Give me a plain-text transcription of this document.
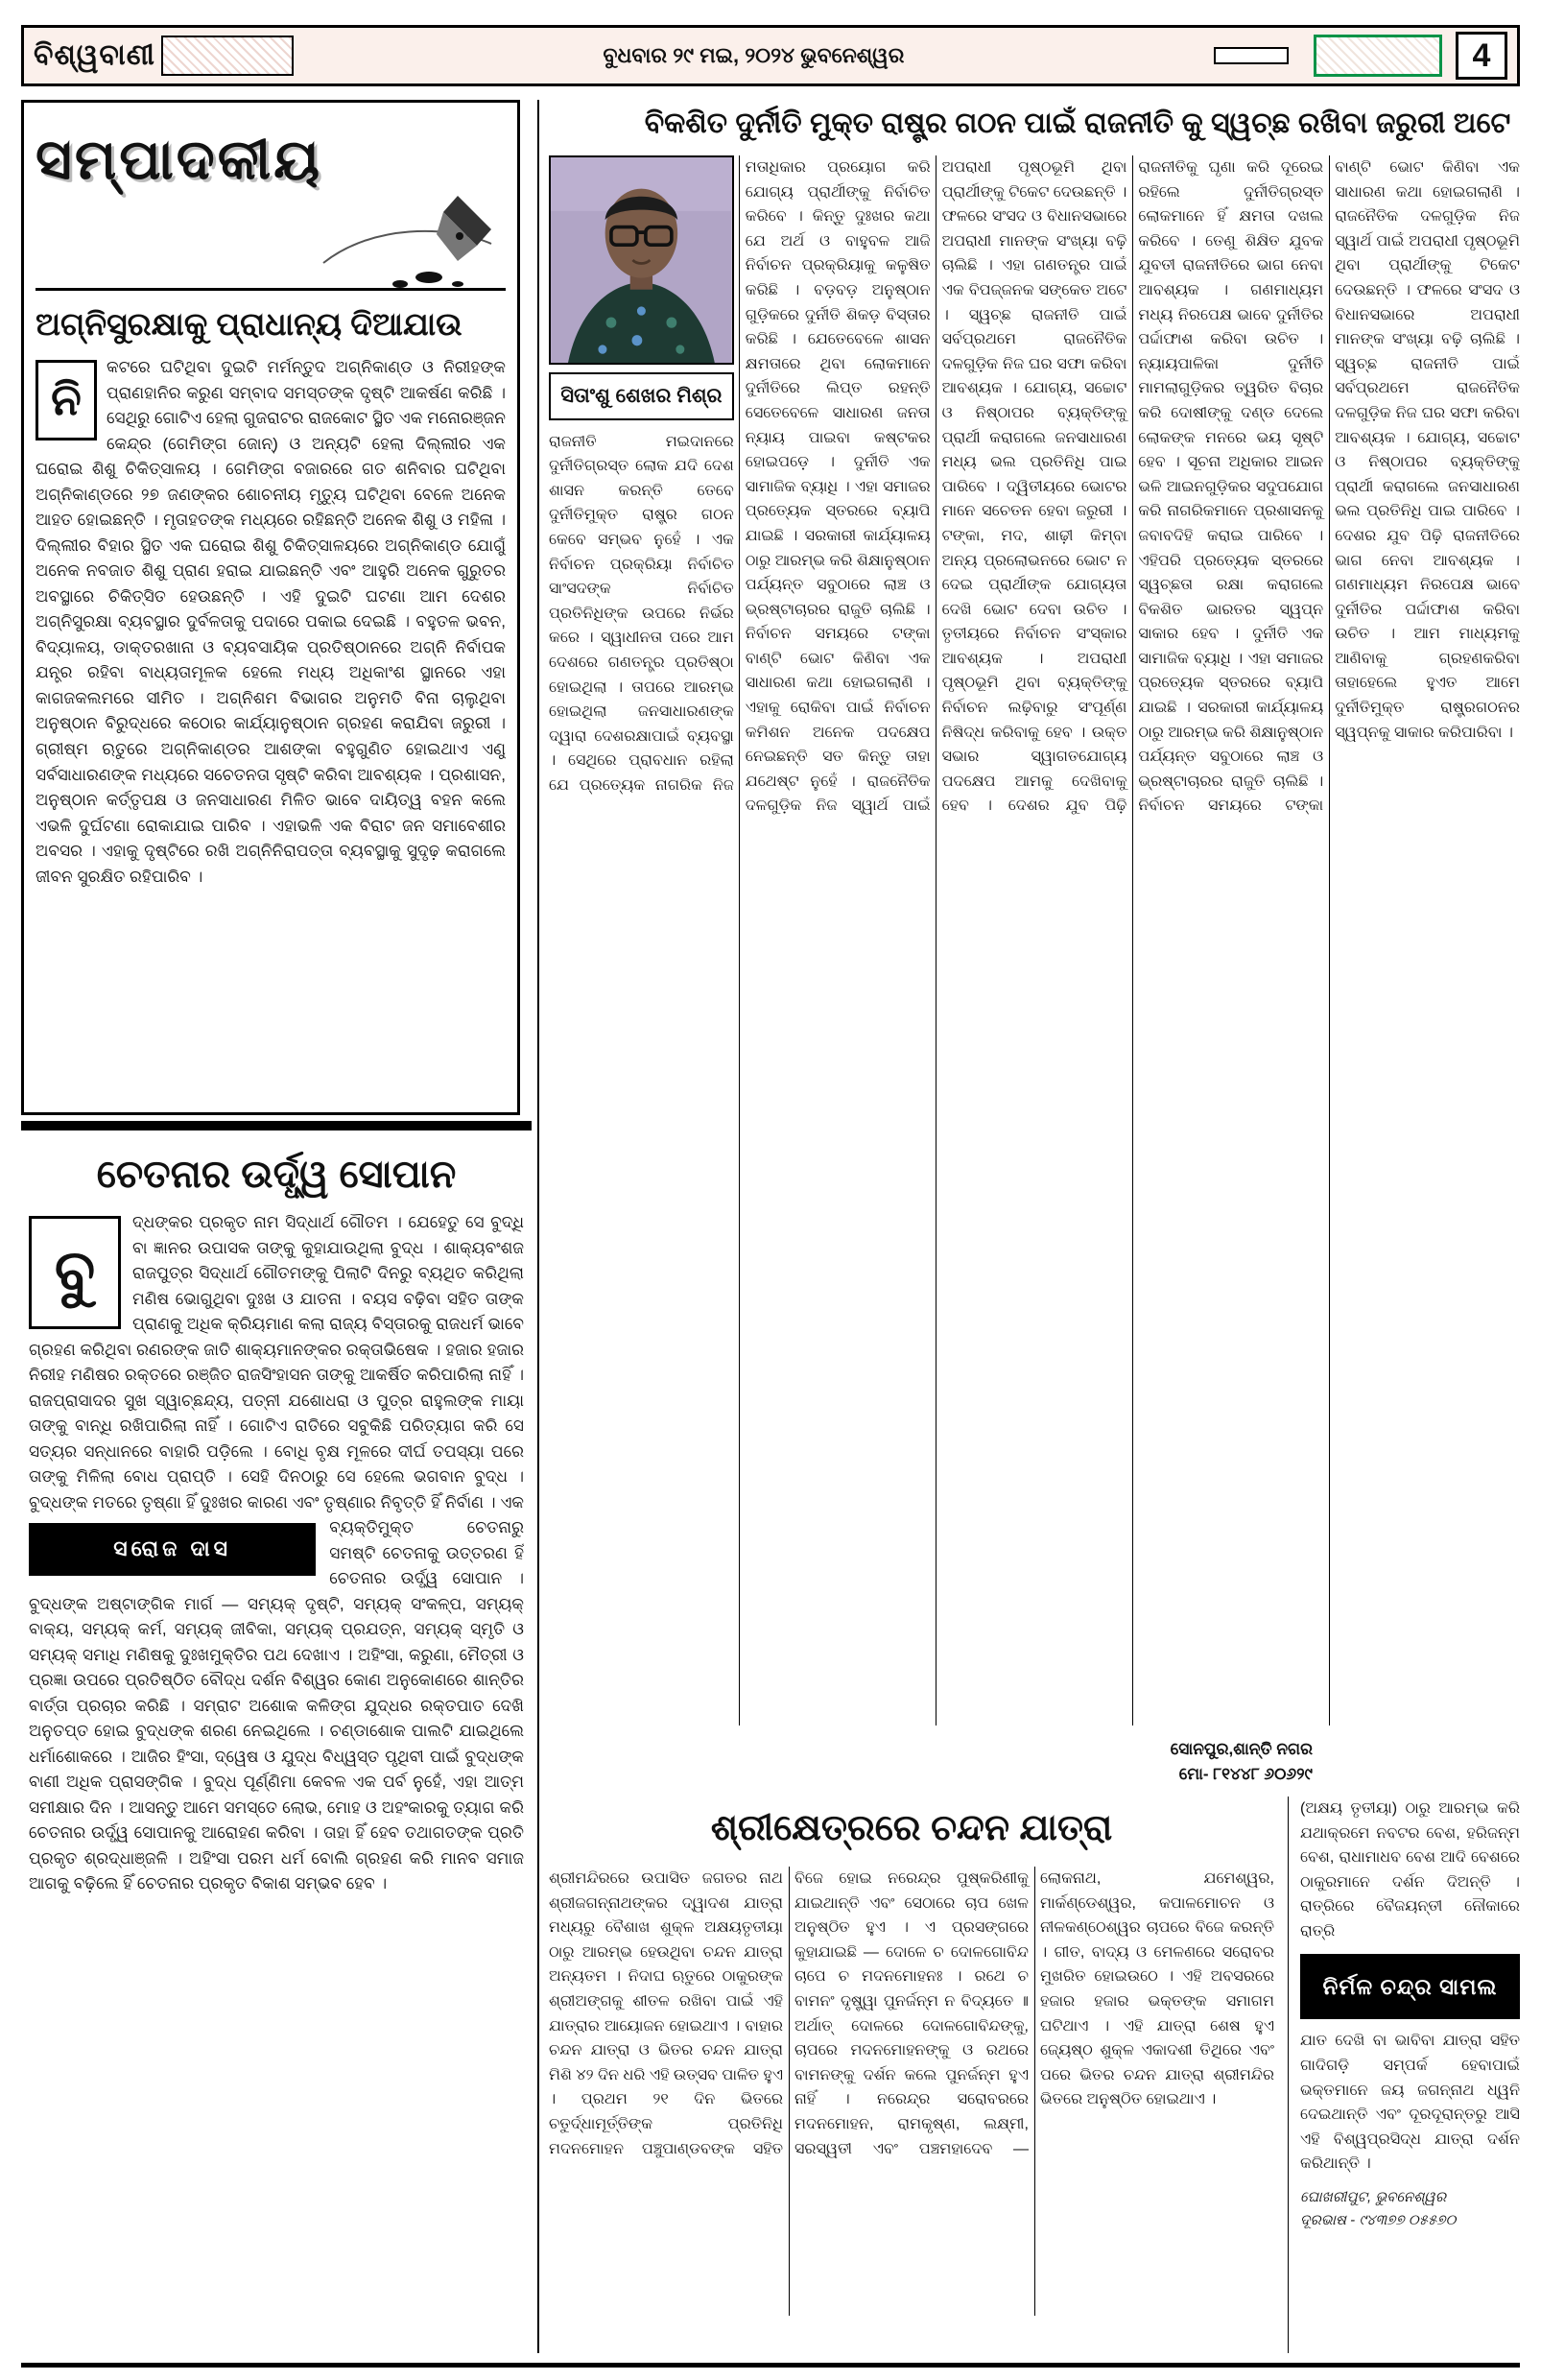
ବିଶ୍ୱବାଣୀ	ବୁଧବାର ୨୯ ମଇ, ୨୦୨୪ ଭୁବନେଶ୍ୱର	4
ସମ୍ପାଦକୀୟ
ଅଗ୍ନିସୁରକ୍ଷାକୁ ପ୍ରାଧାନ୍ୟ ଦିଆଯାଉ
ନି
କଟରେ ଘଟିଥିବା ଦୁଇଟି ମର୍ମନ୍ତୁଦ ଅଗ୍ନିକାଣ୍ଡ ଓ ନିରୀହଙ୍କ ପ୍ରାଣହାନିର କରୁଣ ସମ୍ବାଦ ସମସ୍ତଙ୍କ ଦୃଷ୍ଟି ଆକର୍ଷଣ କରିଛି । ସେଥିରୁ ଗୋଟିଏ ହେଲା ଗୁଜରାଟର ରାଜକୋଟ ସ୍ଥିତ ଏକ ମନୋରଞ୍ଜନ କେନ୍ଦ୍ର (ଗେମିଙ୍ଗ ଜୋନ୍) ଓ ଅନ୍ୟଟି ହେଲା ଦିଲ୍ଲୀର ଏକ ଘରୋଇ ଶିଶୁ ଚିକିତ୍ସାଳୟ । ଗେମିଙ୍ଗ ବଜାରରେ ଗତ ଶନିବାର ଘଟିଥିବା ଅଗ୍ନିକାଣ୍ଡରେ ୨୭ ଜଣଙ୍କର ଶୋଚନୀୟ ମୃତ୍ୟୁ ଘଟିଥିବା ବେଳେ ଅନେକ ଆହତ ହୋଇଛନ୍ତି । ମୃତାହତଙ୍କ ମଧ୍ୟରେ ରହିଛନ୍ତି ଅନେକ ଶିଶୁ ଓ ମହିଳା । ଦିଲ୍ଲୀର ବିହାର ସ୍ଥିତ ଏକ ଘରୋଇ ଶିଶୁ ଚିକିତ୍ସାଳୟରେ ଅଗ୍ନିକାଣ୍ଡ ଯୋଗୁଁ ଅନେକ ନବଜାତ ଶିଶୁ ପ୍ରାଣ ହରାଇ ଯାଇଛନ୍ତି ଏବଂ ଆହୁରି ଅନେକ ଗୁରୁତର ଅବସ୍ଥାରେ ଚିକିତ୍ସିତ ହେଉଛନ୍ତି । ଏହି ଦୁଇଟି ଘଟଣା ଆମ ଦେଶର ଅଗ୍ନିସୁରକ୍ଷା ବ୍ୟବସ୍ଥାର ଦୁର୍ବଳତାକୁ ପଦାରେ ପକାଇ ଦେଇଛି । ବହୁତଳ ଭବନ, ବିଦ୍ୟାଳୟ, ଡାକ୍ତରଖାନା ଓ ବ୍ୟବସାୟିକ ପ୍ରତିଷ୍ଠାନରେ ଅଗ୍ନି ନିର୍ବାପକ ଯନ୍ତ୍ର ରହିବା ବାଧ୍ୟତାମୂଳକ ହେଲେ ମଧ୍ୟ ଅଧିକାଂଶ ସ୍ଥାନରେ ଏହା କାଗଜକଲମରେ ସୀମିତ । ଅଗ୍ନିଶମ ବିଭାଗର ଅନୁମତି ବିନା ଚାଲୁଥିବା ଅନୁଷ୍ଠାନ ବିରୁଦ୍ଧରେ କଠୋର କାର୍ଯ୍ୟାନୁଷ୍ଠାନ ଗ୍ରହଣ କରାଯିବା ଜରୁରୀ । ଗ୍ରୀଷ୍ମ ଋତୁରେ ଅଗ୍ନିକାଣ୍ଡର ଆଶଙ୍କା ବହୁଗୁଣିତ ହୋଇଥାଏ ଏଣୁ ସର୍ବସାଧାରଣଙ୍କ ମଧ୍ୟରେ ସଚେତନତା ସୃଷ୍ଟି କରିବା ଆବଶ୍ୟକ । ପ୍ରଶାସନ, ଅନୁଷ୍ଠାନ କର୍ତ୍ତୃପକ୍ଷ ଓ ଜନସାଧାରଣ ମିଳିତ ଭାବେ ଦାୟିତ୍ୱ ବହନ କଲେ ଏଭଳି ଦୁର୍ଘଟଣା ରୋକାଯାଇ ପାରିବ । ଏହାଭଳି ଏକ ବିରାଟ ଜନ ସମାବେଶୀର ଅବସର । ଏହାକୁ ଦୃଷ୍ଟିରେ ରଖି ଅଗ୍ନିନିରାପତ୍ତା ବ୍ୟବସ୍ଥାକୁ ସୁଦୃଢ଼ କରାଗଲେ ଜୀବନ ସୁରକ୍ଷିତ ରହିପାରିବ ।
ବିକଶିତ ଦୁର୍ନୀତି ମୁକ୍ତ ରାଷ୍ଟ୍ର ଗଠନ ପାଇଁ ରାଜନୀତି କୁ ସ୍ୱଚ୍ଛ ରଖିବା ଜରୁରୀ ଅଟେ
ସିତାଂଶୁ ଶେଖର ମିଶ୍ର
ରାଜନୀତି ମଇଦାନରେ ଦୁର୍ନୀତିଗ୍ରସ୍ତ ଲୋକ ଯଦି ଦେଶ ଶାସନ କରନ୍ତି ତେବେ ଦୁର୍ନୀତିମୁକ୍ତ ରାଷ୍ଟ୍ର ଗଠନ କେବେ ସମ୍ଭବ ନୁହେଁ । ଏକ ନିର୍ବାଚନ ପ୍ରକ୍ରିୟା ନିର୍ବାଚିତ ସାଂସଦଙ୍କ ନିର୍ବାଚିତ ପ୍ରତିନିଧିଙ୍କ ଉପରେ ନିର୍ଭର କରେ । ସ୍ୱାଧୀନତା ପରେ ଆମ ଦେଶରେ ଗଣତନ୍ତ୍ର ପ୍ରତିଷ୍ଠା ହୋଇଥିଲା । ତାପରେ ଆରମ୍ଭ ହୋଇଥିଲା ଜନସାଧାରଣଙ୍କ ଦ୍ୱାରା ଦେଶରକ୍ଷାପାଇଁ ବ୍ୟବସ୍ଥା । ସେଥିରେ ପ୍ରାବଧାନ ରହିଲା ଯେ ପ୍ରତ୍ୟେକ ନାଗରିକ ନିଜ ମତାଧିକାର ପ୍ରୟୋଗ କରି ଯୋଗ୍ୟ ପ୍ରାର୍ଥୀଙ୍କୁ ନିର୍ବାଚିତ କରିବେ । କିନ୍ତୁ ଦୁଃଖର କଥା ଯେ ଅର୍ଥ ଓ ବାହୁବଳ ଆଜି ନିର୍ବାଚନ ପ୍ରକ୍ରିୟାକୁ କଳୁଷିତ କରିଛି । ବଡ଼ବଡ଼ ଅନୁଷ୍ଠାନ ଗୁଡ଼ିକରେ ଦୁର୍ନୀତି ଶିକଡ଼ ବିସ୍ତାର କରିଛି । ଯେତେବେଳେ ଶାସନ କ୍ଷମତାରେ ଥିବା ଲୋକମାନେ ଦୁର୍ନୀତିରେ ଲିପ୍ତ ରହନ୍ତି ସେତେବେଳେ ସାଧାରଣ ଜନତା ନ୍ୟାୟ ପାଇବା କଷ୍ଟକର ହୋଇପଡ଼େ । ଦୁର୍ନୀତି ଏକ ସାମାଜିକ ବ୍ୟାଧି । ଏହା ସମାଜର ପ୍ରତ୍ୟେକ ସ୍ତରରେ ବ୍ୟାପି ଯାଇଛି । ସରକାରୀ କାର୍ଯ୍ୟାଳୟ ଠାରୁ ଆରମ୍ଭ କରି ଶିକ୍ଷାନୁଷ୍ଠାନ ପର୍ଯ୍ୟନ୍ତ ସବୁଠାରେ ଲାଞ୍ଚ ଓ ଭ୍ରଷ୍ଟାଚାରର ରାଜୁତି ଚାଲିଛି । ନିର୍ବାଚନ ସମୟରେ ଟଙ୍କା ବାଣ୍ଟି ଭୋଟ କିଣିବା ଏକ ସାଧାରଣ କଥା ହୋଇଗଲାଣି । ଏହାକୁ ରୋକିବା ପାଇଁ ନିର୍ବାଚନ କମିଶନ ଅନେକ ପଦକ୍ଷେପ ନେଇଛନ୍ତି ସତ କିନ୍ତୁ ତାହା ଯଥେଷ୍ଟ ନୁହେଁ । ରାଜନୈତିକ ଦଳଗୁଡ଼ିକ ନିଜ ସ୍ୱାର୍ଥ ପାଇଁ ଅପରାଧୀ ପୃଷ୍ଠଭୂମି ଥିବା ପ୍ରାର୍ଥୀଙ୍କୁ ଟିକେଟ ଦେଉଛନ୍ତି । ଫଳରେ ସଂସଦ ଓ ବିଧାନସଭାରେ ଅପରାଧୀ ମାନଙ୍କ ସଂଖ୍ୟା ବଢ଼ି ଚାଲିଛି । ଏହା ଗଣତନ୍ତ୍ର ପାଇଁ ଏକ ବିପଜ୍ଜନକ ସଙ୍କେତ ଅଟେ । ସ୍ୱଚ୍ଛ ରାଜନୀତି ପାଇଁ ସର୍ବପ୍ରଥମେ ରାଜନୈତିକ ଦଳଗୁଡ଼ିକ ନିଜ ଘର ସଫା କରିବା ଆବଶ୍ୟକ । ଯୋଗ୍ୟ, ସଚ୍ଚୋଟ ଓ ନିଷ୍ଠାପର ବ୍ୟକ୍ତିଙ୍କୁ ପ୍ରାର୍ଥୀ କରାଗଲେ ଜନସାଧାରଣ ମଧ୍ୟ ଭଲ ପ୍ରତିନିଧି ପାଇ ପାରିବେ । ଦ୍ୱିତୀୟରେ ଭୋଟର ମାନେ ସଚେତନ ହେବା ଜରୁରୀ । ଟଙ୍କା, ମଦ, ଶାଢ଼ୀ କିମ୍ବା ଅନ୍ୟ ପ୍ରଲୋଭନରେ ଭୋଟ ନ ଦେଇ ପ୍ରାର୍ଥୀଙ୍କ ଯୋଗ୍ୟତା ଦେଖି ଭୋଟ ଦେବା ଉଚିତ । ତୃତୀୟରେ ନିର୍ବାଚନ ସଂସ୍କାର ଆବଶ୍ୟକ । ଅପରାଧୀ ପୃଷ୍ଠଭୂମି ଥିବା ବ୍ୟକ୍ତିଙ୍କୁ ନିର୍ବାଚନ ଲଢ଼ିବାରୁ ସଂପୂର୍ଣ୍ଣ ନିଷିଦ୍ଧ କରିବାକୁ ହେବ । ଉକ୍ତ ସଭାର ସ୍ୱାଗତଯୋଗ୍ୟ ପଦକ୍ଷେପ ଆମକୁ ଦେଖିବାକୁ ହେବ । ଦେଶର ଯୁବ ପିଢ଼ି ରାଜନୀତିକୁ ଘୃଣା କରି ଦୂରେଇ ରହିଲେ ଦୁର୍ନୀତିଗ୍ରସ୍ତ ଲୋକମାନେ ହିଁ କ୍ଷମତା ଦଖଲ କରିବେ । ତେଣୁ ଶିକ୍ଷିତ ଯୁବକ ଯୁବତୀ ରାଜନୀତିରେ ଭାଗ ନେବା ଆବଶ୍ୟକ । ଗଣମାଧ୍ୟମ ମଧ୍ୟ ନିରପେକ୍ଷ ଭାବେ ଦୁର୍ନୀତିର ପର୍ଦ୍ଦାଫାଶ କରିବା ଉଚିତ । ନ୍ୟାୟପାଳିକା ଦୁର୍ନୀତି ମାମଲାଗୁଡ଼ିକର ତ୍ୱରିତ ବିଚାର କରି ଦୋଷୀଙ୍କୁ ଦଣ୍ଡ ଦେଲେ ଲୋକଙ୍କ ମନରେ ଭୟ ସୃଷ୍ଟି ହେବ । ସୂଚନା ଅଧିକାର ଆଇନ ଭଳି ଆଇନଗୁଡ଼ିକର ସଦୁପଯୋଗ କରି ନାଗରିକମାନେ ପ୍ରଶାସନକୁ ଜବାବଦିହି କରାଇ ପାରିବେ । ଏହିପରି ପ୍ରତ୍ୟେକ ସ୍ତରରେ ସ୍ୱଚ୍ଛତା ରକ୍ଷା କରାଗଲେ ବିକଶିତ ଭାରତର ସ୍ୱପ୍ନ ସାକାର ହେବ । ଦୁର୍ନୀତି ଏକ ସାମାଜିକ ବ୍ୟାଧି । ଏହା ସମାଜର ପ୍ରତ୍ୟେକ ସ୍ତରରେ ବ୍ୟାପି ଯାଇଛି । ସରକାରୀ କାର୍ଯ୍ୟାଳୟ ଠାରୁ ଆରମ୍ଭ କରି ଶିକ୍ଷାନୁଷ୍ଠାନ ପର୍ଯ୍ୟନ୍ତ ସବୁଠାରେ ଲାଞ୍ଚ ଓ ଭ୍ରଷ୍ଟାଚାରର ରାଜୁତି ଚାଲିଛି । ନିର୍ବାଚନ ସମୟରେ ଟଙ୍କା ବାଣ୍ଟି ଭୋଟ କିଣିବା ଏକ ସାଧାରଣ କଥା ହୋଇଗଲାଣି । ରାଜନୈତିକ ଦଳଗୁଡ଼ିକ ନିଜ ସ୍ୱାର୍ଥ ପାଇଁ ଅପରାଧୀ ପୃଷ୍ଠଭୂମି ଥିବା ପ୍ରାର୍ଥୀଙ୍କୁ ଟିକେଟ ଦେଉଛନ୍ତି । ଫଳରେ ସଂସଦ ଓ ବିଧାନସଭାରେ ଅପରାଧୀ ମାନଙ୍କ ସଂଖ୍ୟା ବଢ଼ି ଚାଲିଛି । ସ୍ୱଚ୍ଛ ରାଜନୀତି ପାଇଁ ସର୍ବପ୍ରଥମେ ରାଜନୈତିକ ଦଳଗୁଡ଼ିକ ନିଜ ଘର ସଫା କରିବା ଆବଶ୍ୟକ । ଯୋଗ୍ୟ, ସଚ୍ଚୋଟ ଓ ନିଷ୍ଠାପର ବ୍ୟକ୍ତିଙ୍କୁ ପ୍ରାର୍ଥୀ କରାଗଲେ ଜନସାଧାରଣ ଭଲ ପ୍ରତିନିଧି ପାଇ ପାରିବେ । ଦେଶର ଯୁବ ପିଢ଼ି ରାଜନୀତିରେ ଭାଗ ନେବା ଆବଶ୍ୟକ । ଗଣମାଧ୍ୟମ ନିରପେକ୍ଷ ଭାବେ ଦୁର୍ନୀତିର ପର୍ଦ୍ଦାଫାଶ କରିବା ଉଚିତ । ଆମ ମାଧ୍ୟମକୁ ଆଣିବାକୁ ଗ୍ରହଣକରିବା ତାହାହେଲେ ହୁଏତ ଆମେ ଦୁର୍ନୀତିମୁକ୍ତ ରାଷ୍ଟ୍ରଗଠନର ସ୍ୱପ୍ନକୁ ସାକାର କରିପାରିବା ।
ସୋନପୁର,ଶାନ୍ତି ନଗର
ମୋ- ୮୧୪୪୮ ୬୦୬୨୯
ଚେତନାର ଉର୍ଦ୍ଧ୍ୱ ସୋପାନ
ବୁ
ଦ୍ଧଙ୍କର ପ୍ରକୃତ ନାମ ସିଦ୍ଧାର୍ଥ ଗୌତମ । ଯେହେତୁ ସେ ବୁଦ୍ଧି ବା ଜ୍ଞାନର ଉପାସକ ତାଙ୍କୁ କୁହାଯାଉଥିଲା ବୁଦ୍ଧ । ଶାକ୍ୟବଂଶଜ ରାଜପୁତ୍ର ସିଦ୍ଧାର୍ଥ ଗୌତମଙ୍କୁ ପିଲାଟି ଦିନରୁ ବ୍ୟଥିତ କରିଥିଲା ମଣିଷ ଭୋଗୁଥିବା ଦୁଃଖ ଓ ଯାତନା । ବୟସ ବଢ଼ିବା ସହିତ ତାଙ୍କ ପ୍ରାଣକୁ ଅଧିକ କ୍ରିୟମାଣ କଲା ରାଜ୍ୟ ବିସ୍ତାରକୁ ରାଜଧର୍ମ ଭାବେ ଗ୍ରହଣ କରିଥିବା ରଣରଙ୍କ ଜାତି ଶାକ୍ୟମାନଙ୍କର ରକ୍ତାଭିଷେକ । ହଜାର ହଜାର ନିରୀହ ମଣିଷର ରକ୍ତରେ ରଞ୍ଜିତ ରାଜସିଂହାସନ ତାଙ୍କୁ ଆକର୍ଷିତ କରିପାରିଲା ନାହିଁ । ରାଜପ୍ରାସାଦର ସୁଖ ସ୍ୱାଚ୍ଛନ୍ଦ୍ୟ, ପତ୍ନୀ ଯଶୋଧରା ଓ ପୁତ୍ର ରାହୁଲଙ୍କ ମାୟା ତାଙ୍କୁ ବାନ୍ଧି ରଖିପାରିଲା ନାହିଁ । ଗୋଟିଏ ରାତିରେ ସବୁକିଛି ପରିତ୍ୟାଗ କରି ସେ ସତ୍ୟର ସନ୍ଧାନରେ ବାହାରି ପଡ଼ିଲେ । ବୋଧି ବୃକ୍ଷ ମୂଳରେ ଦୀର୍ଘ ତପସ୍ୟା ପରେ ତାଙ୍କୁ ମିଳିଲା ବୋଧ ପ୍ରାପ୍ତି । ସେହି ଦିନଠାରୁ ସେ ହେଲେ ଭଗବାନ ବୁଦ୍ଧ । ବୁଦ୍ଧଙ୍କ ମତରେ ତୃଷ୍ଣା ହିଁ ଦୁଃଖର କାରଣ ଏବଂ ତୃଷ୍ଣାର ନିବୃତ୍ତି ହିଁ ନିର୍ବାଣ ।
ସରୋଜ ଦାସ
ଏକ ବ୍ୟକ୍ତିମୁକ୍ତ ଚେତନାରୁ ସମଷ୍ଟି ଚେତନାକୁ ଉତ୍ତରଣ ହିଁ ଚେତନାର ଉର୍ଦ୍ଧ୍ୱ ସୋପାନ । ବୁଦ୍ଧଙ୍କ ଅଷ୍ଟାଙ୍ଗିକ ମାର୍ଗ — ସମ୍ୟକ୍ ଦୃଷ୍ଟି, ସମ୍ୟକ୍ ସଂକଳ୍ପ, ସମ୍ୟକ୍ ବାକ୍ୟ, ସମ୍ୟକ୍ କର୍ମ, ସମ୍ୟକ୍ ଜୀବିକା, ସମ୍ୟକ୍ ପ୍ରଯତ୍ନ, ସମ୍ୟକ୍ ସ୍ମୃତି ଓ ସମ୍ୟକ୍ ସମାଧି ମଣିଷକୁ ଦୁଃଖମୁକ୍ତିର ପଥ ଦେଖାଏ । ଅହିଂସା, କରୁଣା, ମୈତ୍ରୀ ଓ ପ୍ରଜ୍ଞା ଉପରେ ପ୍ରତିଷ୍ଠିତ ବୌଦ୍ଧ ଦର୍ଶନ ବିଶ୍ୱର କୋଣ ଅନୁକୋଣରେ ଶାନ୍ତିର ବାର୍ତ୍ତା ପ୍ରଚାର କରିଛି । ସମ୍ରାଟ ଅଶୋକ କଳିଙ୍ଗ ଯୁଦ୍ଧର ରକ୍ତପାତ ଦେଖି ଅନୁତପ୍ତ ହୋଇ ବୁଦ୍ଧଙ୍କ ଶରଣ ନେଇଥିଲେ । ଚଣ୍ଡାଶୋକ ପାଲଟି ଯାଇଥିଲେ ଧର୍ମାଶୋକରେ । ଆଜିର ହିଂସା, ଦ୍ୱେଷ ଓ ଯୁଦ୍ଧ ବିଧ୍ୱସ୍ତ ପୃଥିବୀ ପାଇଁ ବୁଦ୍ଧଙ୍କ ବାଣୀ ଅଧିକ ପ୍ରାସଙ୍ଗିକ । ବୁଦ୍ଧ ପୂର୍ଣ୍ଣିମା କେବଳ ଏକ ପର୍ବ ନୁହେଁ, ଏହା ଆତ୍ମ ସମୀକ୍ଷାର ଦିନ । ଆସନ୍ତୁ ଆମେ ସମସ୍ତେ ଲୋଭ, ମୋହ ଓ ଅହଂକାରକୁ ତ୍ୟାଗ କରି ଚେତନାର ଉର୍ଦ୍ଧ୍ୱ ସୋପାନକୁ ଆରୋହଣ କରିବା । ତାହା ହିଁ ହେବ ତଥାଗତଙ୍କ ପ୍ରତି ପ୍ରକୃତ ଶ୍ରଦ୍ଧାଞ୍ଜଳି । ଅହିଂସା ପରମ ଧର୍ମ ବୋଲି ଗ୍ରହଣ କରି ମାନବ ସମାଜ ଆଗକୁ ବଢ଼ିଲେ ହିଁ ଚେତନାର ପ୍ରକୃତ ବିକାଶ ସମ୍ଭବ ହେବ ।
ଶ୍ରୀକ୍ଷେତ୍ରରେ ଚନ୍ଦନ ଯାତ୍ରା
ଶ୍ରୀମନ୍ଦିରରେ ଉପାସିତ ଜଗତର ନାଥ ଶ୍ରୀଜଗନ୍ନାଥଙ୍କର ଦ୍ୱାଦଶ ଯାତ୍ରା ମଧ୍ୟରୁ ବୈଶାଖ ଶୁକ୍ଳ ଅକ୍ଷୟତୃତୀୟା ଠାରୁ ଆରମ୍ଭ ହେଉଥିବା ଚନ୍ଦନ ଯାତ୍ରା ଅନ୍ୟତମ । ନିଦାଘ ଋତୁରେ ଠାକୁରଙ୍କ ଶ୍ରୀଅଙ୍ଗକୁ ଶୀତଳ ରଖିବା ପାଇଁ ଏହି ଯାତ୍ରାର ଆୟୋଜନ ହୋଇଥାଏ । ବାହାର ଚନ୍ଦନ ଯାତ୍ରା ଓ ଭିତର ଚନ୍ଦନ ଯାତ୍ରା ମିଶି ୪୨ ଦିନ ଧରି ଏହି ଉତ୍ସବ ପାଳିତ ହୁଏ । ପ୍ରଥମ ୨୧ ଦିନ ଭିତରେ ଚତୁର୍ଦ୍ଧାମୂର୍ତ୍ତିଙ୍କ ପ୍ରତିନିଧି ମଦନମୋହନ ପଞ୍ଚୁପାଣ୍ଡବଙ୍କ ସହିତ ବିଜେ ହୋଇ ନରେନ୍ଦ୍ର ପୁଷ୍କରିଣୀକୁ ଯାଇଥାନ୍ତି ଏବଂ ସେଠାରେ ଚାପ ଖେଳ ଅନୁଷ୍ଠିତ ହୁଏ । ଏ ପ୍ରସଙ୍ଗରେ କୁହାଯାଇଛି — ଦୋଳେ ଚ ଦୋଳଗୋବିନ୍ଦ ଚାପେ ଚ ମଦନମୋହନଃ । ରଥେ ଚ ବାମନଂ ଦୃଷ୍ଟ୍ୱା ପୁନର୍ଜନ୍ମ ନ ବିଦ୍ୟତେ ॥ ଅର୍ଥାତ୍ ଦୋଳରେ ଦୋଳଗୋବିନ୍ଦଙ୍କୁ, ଚାପରେ ମଦନମୋହନଙ୍କୁ ଓ ରଥରେ ବାମନଙ୍କୁ ଦର୍ଶନ କଲେ ପୁନର୍ଜନ୍ମ ହୁଏ ନାହିଁ । ନରେନ୍ଦ୍ର ସରୋବରରେ ମଦନମୋହନ, ରାମକୃଷ୍ଣ, ଲକ୍ଷ୍ମୀ, ସରସ୍ୱତୀ ଏବଂ ପଞ୍ଚମହାଦେବ — ଲୋକନାଥ, ଯମେଶ୍ୱର, ମାର୍କଣ୍ଡେଶ୍ୱର, କପାଳମୋଚନ ଓ ନୀଳକଣ୍ଠେଶ୍ୱର ଚାପରେ ବିଜେ କରନ୍ତି । ଗୀତ, ବାଦ୍ୟ ଓ ମେଳଣରେ ସରୋବର ମୁଖରିତ ହୋଇଉଠେ । ଏହି ଅବସରରେ ହଜାର ହଜାର ଭକ୍ତଙ୍କ ସମାଗମ ଘଟିଥାଏ । ଏହି ଯାତ୍ରା ଶେଷ ହୁଏ ଜ୍ୟେଷ୍ଠ ଶୁକ୍ଳ ଏକାଦଶୀ ତିଥିରେ ଏବଂ ପରେ ଭିତର ଚନ୍ଦନ ଯାତ୍ରା ଶ୍ରୀମନ୍ଦିର ଭିତରେ ଅନୁଷ୍ଠିତ ହୋଇଥାଏ ।

(ଅକ୍ଷୟ ତୃତୀୟା) ଠାରୁ ଆରମ୍ଭ କରି ଯଥାକ୍ରମେ ନବଟର ବେଶ, ହରିଜନ୍ମ ବେଶ, ରାଧାମାଧବ ବେଶ ଆଦି ବେଶରେ ଠାକୁରମାନେ ଦର୍ଶନ ଦିଅନ୍ତି । ରାତ୍ରିରେ ବୈଜୟନ୍ତୀ ନୌକାରେ ରାତ୍ରି

ନିର୍ମଳ ଚନ୍ଦ୍ର ସାମଲ

ଯାତ ଦେଖି ବା ଭାବିବା ଯାତ୍ରା ସହିତ ଗାଦିଗଡ଼ି ସମ୍ପର୍କ ହେବାପାଇଁ ଭକ୍ତମାନେ ଜୟ ଜଗନ୍ନାଥ ଧ୍ୱନି ଦେଇଥାନ୍ତି ଏବଂ ଦୂରଦୂରାନ୍ତରୁ ଆସି ଏହି ବିଶ୍ୱପ୍ରସିଦ୍ଧ ଯାତ୍ରା ଦର୍ଶନ କରିଥାନ୍ତି ।

ଘୋଖରୀପୁଟ, ଭୁବନେଶ୍ୱର
ଦୂରଭାଷ - ୯୪୩୭୭ ୦୫୫୭୦
